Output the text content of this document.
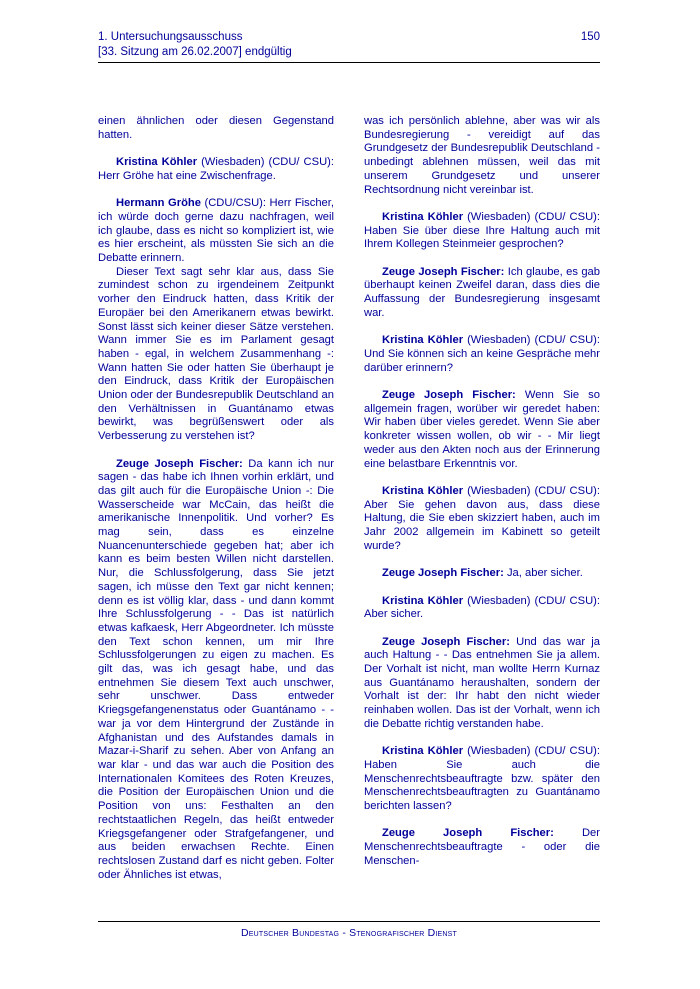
1. Untersuchungsausschuss
[33. Sitzung am 26.02.2007] endgültig
150

einen ähnlichen oder diesen Gegenstand hatten.

Kristina Köhler (Wiesbaden) (CDU/ CSU): Herr Gröhe hat eine Zwischenfrage.

Hermann Gröhe (CDU/CSU): Herr Fischer, ich würde doch gerne dazu nachfragen, weil ich glaube, dass es nicht so kompliziert ist, wie es hier erscheint, als müssten Sie sich an die Debatte erinnern.

Dieser Text sagt sehr klar aus, dass Sie zumindest schon zu irgendeinem Zeitpunkt vorher den Eindruck hatten, dass Kritik der Europäer bei den Amerikanern etwas bewirkt. Sonst lässt sich keiner dieser Sätze verstehen. Wann immer Sie es im Parlament gesagt haben - egal, in welchem Zusammenhang -: Wann hatten Sie oder hatten Sie überhaupt je den Eindruck, dass Kritik der Europäischen Union oder der Bundesrepublik Deutschland an den Verhältnissen in Guantánamo etwas bewirkt, was begrüßenswert oder als Verbesserung zu verstehen ist?

Zeuge Joseph Fischer: Da kann ich nur sagen - das habe ich Ihnen vorhin erklärt, und das gilt auch für die Europäische Union -: Die Wasserscheide war McCain, das heißt die amerikanische Innenpolitik. Und vorher? Es mag sein, dass es einzelne Nuancenunterschiede gegeben hat; aber ich kann es beim besten Willen nicht darstellen. Nur, die Schlussfolgerung, dass Sie jetzt sagen, ich müsse den Text gar nicht kennen; denn es ist völlig klar, dass - und dann kommt Ihre Schlussfolgerung - - Das ist natürlich etwas kafkaesk, Herr Abgeordneter. Ich müsste den Text schon kennen, um mir Ihre Schlussfolgerungen zu eigen zu machen. Es gilt das, was ich gesagt habe, und das entnehmen Sie diesem Text auch unschwer, sehr unschwer. Dass entweder Kriegsgefangenenstatus oder Guantánamo - - war ja vor dem Hintergrund der Zustände in Afghanistan und des Aufstandes damals in Mazar-i-Sharif zu sehen. Aber von Anfang an war klar - und das war auch die Position des Internationalen Komitees des Roten Kreuzes, die Position der Europäischen Union und die Position von uns: Festhalten an den rechtstaatlichen Regeln, das heißt entweder Kriegsgefangener oder Strafgefangener, und aus beiden erwachsen Rechte. Einen rechtslosen Zustand darf es nicht geben. Folter oder Ähnliches ist etwas,

was ich persönlich ablehne, aber was wir als Bundesregierung - vereidigt auf das Grundgesetz der Bundesrepublik Deutschland - unbedingt ablehnen müssen, weil das mit unserem Grundgesetz und unserer Rechtsordnung nicht vereinbar ist.

Kristina Köhler (Wiesbaden) (CDU/ CSU): Haben Sie über diese Ihre Haltung auch mit Ihrem Kollegen Steinmeier gesprochen?

Zeuge Joseph Fischer: Ich glaube, es gab überhaupt keinen Zweifel daran, dass dies die Auffassung der Bundesregierung insgesamt war.

Kristina Köhler (Wiesbaden) (CDU/ CSU): Und Sie können sich an keine Gespräche mehr darüber erinnern?

Zeuge Joseph Fischer: Wenn Sie so allgemein fragen, worüber wir geredet haben: Wir haben über vieles geredet. Wenn Sie aber konkreter wissen wollen, ob wir - - Mir liegt weder aus den Akten noch aus der Erinnerung eine belastbare Erkenntnis vor.

Kristina Köhler (Wiesbaden) (CDU/ CSU): Aber Sie gehen davon aus, dass diese Haltung, die Sie eben skizziert haben, auch im Jahr 2002 allgemein im Kabinett so geteilt wurde?

Zeuge Joseph Fischer: Ja, aber sicher.

Kristina Köhler (Wiesbaden) (CDU/ CSU): Aber sicher.

Zeuge Joseph Fischer: Und das war ja auch Haltung - - Das entnehmen Sie ja allem. Der Vorhalt ist nicht, man wollte Herrn Kurnaz aus Guantánamo heraushalten, sondern der Vorhalt ist der: Ihr habt den nicht wieder reinhaben wollen. Das ist der Vorhalt, wenn ich die Debatte richtig verstanden habe.

Kristina Köhler (Wiesbaden) (CDU/ CSU): Haben Sie auch die Menschenrechtsbeauftragte bzw. später den Menschenrechtsbeauftragten zu Guantánamo berichten lassen?

Zeuge Joseph Fischer: Der Menschenrechtsbeauftragte - oder die Menschen-

Deutscher Bundestag - Stenografischer Dienst
